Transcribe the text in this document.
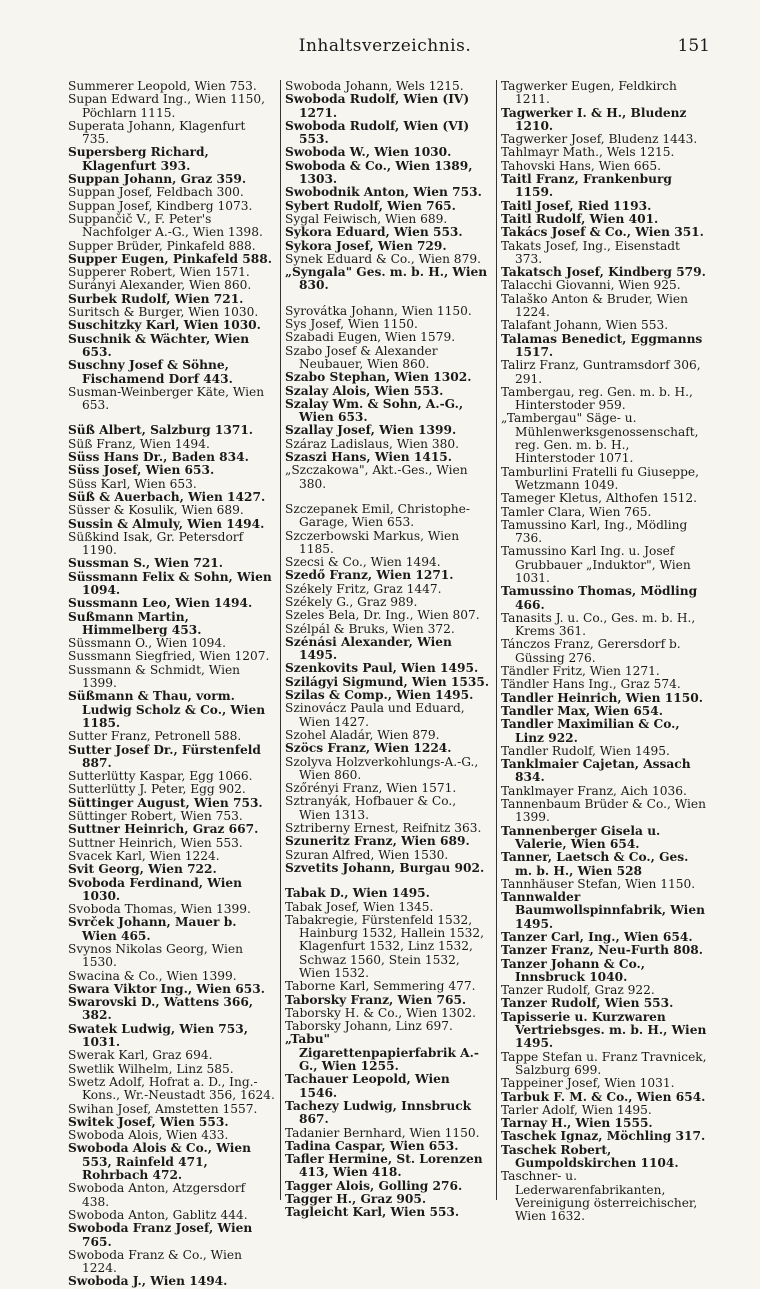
Inhaltsverzeichnis.	151
Summerer Leopold, Wien 753.
Supan Edward Ing., Wien 1150, Pöchlarn 1115.
Superata Johann, Klagenfurt 735.
Supersberg Richard, Klagenfurt 393.
Suppan Johann, Graz 359.
Suppan Josef, Feldbach 300.
Suppan Josef, Kindberg 1073.
Suppančič V., F. Peter's Nachfolger A.-G., Wien 1398.
Supper Brüder, Pinkafeld 888.
Supper Eugen, Pinkafeld 588.
Supperer Robert, Wien 1571.
Surányi Alexander, Wien 860.
Surbek Rudolf, Wien 721.
Suritsch & Burger, Wien 1030.
Suschitzky Karl, Wien 1030.
Suschnik & Wächter, Wien 653.
Suschny Josef & Söhne, Fischamend Dorf 443.
Susman-Weinberger Käte, Wien 653.
Süß Albert, Salzburg 1371.
Süß Franz, Wien 1494.
Süss Hans Dr., Baden 834.
Süss Josef, Wien 653.
Süss Karl, Wien 653.
Süß & Auerbach, Wien 1427.
Süsser & Kosulik, Wien 689.
Sussin & Almuly, Wien 1494.
Süßkind Isak, Gr. Petersdorf 1190.
Sussman S., Wien 721.
Süssmann Felix & Sohn, Wien 1094.
Sussmann Leo, Wien 1494.
Sußmann Martin, Himmelberg 453.
Süssmann O., Wien 1094.
Sussmann Siegfried, Wien 1207.
Sussmann & Schmidt, Wien 1399.
Süßmann & Thau, vorm. Ludwig Scholz & Co., Wien 1185.
Sutter Franz, Petronell 588.
Sutter Josef Dr., Fürstenfeld 887.
Sutterlütty Kaspar, Egg 1066.
Sutterlütty J. Peter, Egg 902.
Süttinger August, Wien 753.
Süttinger Robert, Wien 753.
Suttner Heinrich, Graz 667.
Suttner Heinrich, Wien 553.
Svacek Karl, Wien 1224.
Svit Georg, Wien 722.
Svoboda Ferdinand, Wien 1030.
Svoboda Thomas, Wien 1399.
Svrček Johann, Mauer b. Wien 465.
Svynos Nikolas Georg, Wien 1530.
Swacina & Co., Wien 1399.
Swara Viktor Ing., Wien 653.
Swarovski D., Wattens 366, 382.
Swatek Ludwig, Wien 753, 1031.
Swerak Karl, Graz 694.
Swetlik Wilhelm, Linz 585.
Swetz Adolf, Hofrat a. D., Ing.-Kons., Wr.-Neustadt 356, 1624.
Swihan Josef, Amstetten 1557.
Switek Josef, Wien 553.
Swoboda Alois, Wien 433.
Swoboda Alois & Co., Wien 553, Rainfeld 471, Rohrbach 472.
Swoboda Anton, Atzgersdorf 438.
Swoboda Anton, Gablitz 444.
Swoboda Franz Josef, Wien 765.
Swoboda Franz & Co., Wien 1224.
Swoboda J., Wien 1494.
Swoboda Johann, Wels 1215.
Swoboda Rudolf, Wien (IV) 1271.
Swoboda Rudolf, Wien (VI) 553.
Swoboda W., Wien 1030.
Swoboda & Co., Wien 1389, 1303.
Swobodnik Anton, Wien 753.
Sybert Rudolf, Wien 765.
Sygal Feiwisch, Wien 689.
Sykora Eduard, Wien 553.
Sykora Josef, Wien 729.
Synek Eduard & Co., Wien 879.
„Syngala" Ges. m. b. H., Wien 830.
Syrovátka Johann, Wien 1150.
Sys Josef, Wien 1150.
Szabadi Eugen, Wien 1579.
Szabo Josef & Alexander Neubauer, Wien 860.
Szabo Stephan, Wien 1302.
Szalay Alois, Wien 553.
Szalay Wm. & Sohn, A.-G., Wien 653.
Szallay Josef, Wien 1399.
Száraz Ladislaus, Wien 380.
Szaszi Hans, Wien 1415.
„Szczakowa", Akt.-Ges., Wien 380.
Szczepanek Emil, Christophe-Garage, Wien 653.
Szczerbowski Markus, Wien 1185.
Szecsi & Co., Wien 1494.
Szedő Franz, Wien 1271.
Székely Fritz, Graz 1447.
Székely G., Graz 989.
Szeles Bela, Dr. Ing., Wien 807.
Szélpál & Bruks, Wien 372.
Szénási Alexander, Wien 1495.
Szenkovits Paul, Wien 1495.
Szilágyi Sigmund, Wien 1535.
Szilas & Comp., Wien 1495.
Szinovácz Paula und Eduard, Wien 1427.
Szohel Aladár, Wien 879.
Szöcs Franz, Wien 1224.
Szolyva Holzverkohlungs-A.-G., Wien 860.
Szőrényi Franz, Wien 1571.
Sztranyák, Hofbauer & Co., Wien 1313.
Sztriberny Ernest, Reifnitz 363.
Szuneritz Franz, Wien 689.
Szuran Alfred, Wien 1530.
Szvetits Johann, Burgau 902.
Tabak D., Wien 1495.
Tabak Josef, Wien 1345.
Tabakregie, Fürstenfeld 1532, Hainburg 1532, Hallein 1532, Klagenfurt 1532, Linz 1532, Schwaz 1560, Stein 1532, Wien 1532.
Taborne Karl, Semmering 477.
Taborsky Franz, Wien 765.
Taborsky H. & Co., Wien 1302.
Taborsky Johann, Linz 697.
„Tabu" Zigarettenpapierfabrik A.-G., Wien 1255.
Tachauer Leopold, Wien 1546.
Tachezy Ludwig, Innsbruck 867.
Tadanier Bernhard, Wien 1150.
Tadina Caspar, Wien 653.
Tafler Hermine, St. Lorenzen 413, Wien 418.
Tagger Alois, Golling 276.
Tagger H., Graz 905.
Tagleicht Karl, Wien 553.
Tagwerker Eugen, Feldkirch 1211.
Tagwerker I. & H., Bludenz 1210.
Tagwerker Josef, Bludenz 1443.
Tahlmayr Math., Wels 1215.
Tahovski Hans, Wien 665.
Taitl Franz, Frankenburg 1159.
Taitl Josef, Ried 1193.
Taitl Rudolf, Wien 401.
Takács Josef & Co., Wien 351.
Takats Josef, Ing., Eisenstadt 373.
Takatsch Josef, Kindberg 579.
Talacchi Giovanni, Wien 925.
Talaško Anton & Bruder, Wien 1224.
Talafant Johann, Wien 553.
Talamas Benedict, Eggmanns 1517.
Talirz Franz, Guntramsdorf 306, 291.
Tambergau, reg. Gen. m. b. H., Hinterstoder 959.
„Tambergau" Säge- u. Mühlenwerksgenossenschaft, reg. Gen. m. b. H., Hinterstoder 1071.
Tamburlini Fratelli fu Giuseppe, Wetzmann 1049.
Tameger Kletus, Althofen 1512.
Tamler Clara, Wien 765.
Tamussino Karl, Ing., Mödling 736.
Tamussino Karl Ing. u. Josef Grubbauer „Induktor", Wien 1031.
Tamussino Thomas, Mödling 466.
Tanasits J. u. Co., Ges. m. b. H., Krems 361.
Tánczos Franz, Gerersdorf b. Güssing 276.
Tändler Fritz, Wien 1271.
Tändler Hans Ing., Graz 574.
Tandler Heinrich, Wien 1150.
Tandler Max, Wien 654.
Tandler Maximilian & Co., Linz 922.
Tandler Rudolf, Wien 1495.
Tanklmaier Cajetan, Assach 834.
Tanklmayer Franz, Aich 1036.
Tannenbaum Brüder & Co., Wien 1399.
Tannenberger Gisela u. Valerie, Wien 654.
Tanner, Laetsch & Co., Ges. m. b. H., Wien 528
Tannhäuser Stefan, Wien 1150.
Tannwalder Baumwollspinnfabrik, Wien 1495.
Tanzer Carl, Ing., Wien 654.
Tanzer Franz, Neu-Furth 808.
Tanzer Johann & Co., Innsbruck 1040.
Tanzer Rudolf, Graz 922.
Tanzer Rudolf, Wien 553.
Tapisserie u. Kurzwaren Vertriebsges. m. b. H., Wien 1495.
Tappe Stefan u. Franz Travnicek, Salzburg 699.
Tappeiner Josef, Wien 1031.
Tarbuk F. M. & Co., Wien 654.
Tarler Adolf, Wien 1495.
Tarnay H., Wien 1555.
Taschek Ignaz, Möchling 317.
Taschek Robert, Gumpoldskirchen 1104.
Taschner- u. Lederwarenfabrikanten, Vereinigung österreichischer, Wien 1632.
